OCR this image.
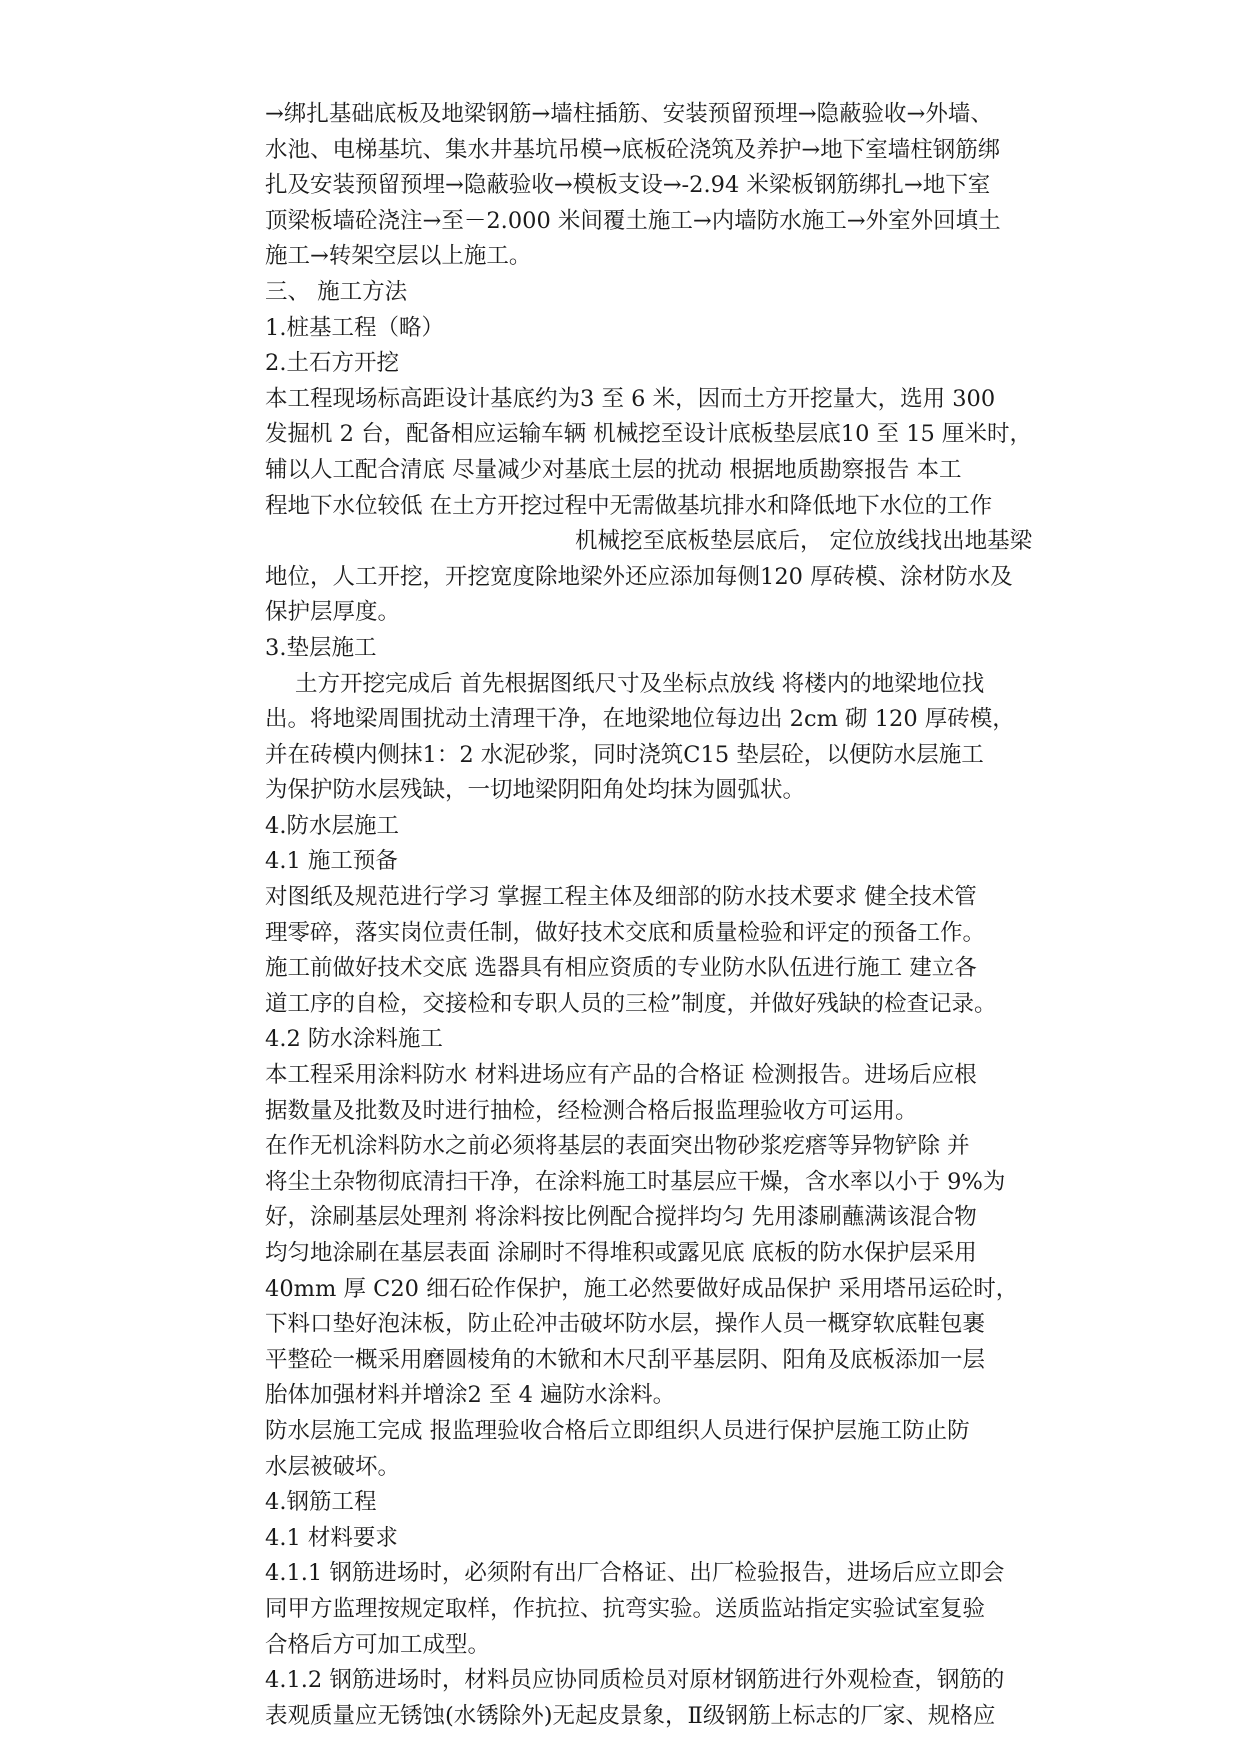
→绑扎基础底板及地梁钢筋→墙柱插筋、安装预留预埋→隐蔽验收→外墙、

水池、电梯基坑、集水井基坑吊模→底板砼浇筑及养护→地下室墙柱钢筋绑

扎及安装预留预埋→隐蔽验收→模板支设→-2.94 米梁板钢筋绑扎→地下室

顶梁板墙砼浇注→至－2.000 米间覆土施工→内墙防水施工→外室外回填土

施工→转架空层以上施工。

三、 施工方法

1.桩基工程（略）

2.土石方开挖

本工程现场标高距设计基底约为3 至 6 米，因而土方开挖量大，选用 300

发掘机 2 台，配备相应运输车辆 机械挖至设计底板垫层底10 至 15 厘米时，

辅以人工配合清底 尽量减少对基底土层的扰动 根据地质勘察报告 本工

程地下水位较低 在土方开挖过程中无需做基坑排水和降低地下水位的工作

机械挖至底板垫层底后， 定位放线找出地基梁

地位，人工开挖，开挖宽度除地梁外还应添加每侧120 厚砖模、涂材防水及

保护层厚度。

3.垫层施工

土方开挖完成后 首先根据图纸尺寸及坐标点放线 将楼内的地梁地位找

出。将地梁周围扰动土清理干净，在地梁地位每边出 2cm 砌 120 厚砖模，

并在砖模内侧抹1：2 水泥砂浆，同时浇筑C15 垫层砼，以便防水层施工

为保护防水层残缺，一切地梁阴阳角处均抹为圆弧状。

4.防水层施工

4.1 施工预备

对图纸及规范进行学习 掌握工程主体及细部的防水技术要求 健全技术管

理零碎，落实岗位责任制，做好技术交底和质量检验和评定的预备工作。

施工前做好技术交底 选器具有相应资质的专业防水队伍进行施工 建立各

道工序的自检，交接检和专职人员的三检”制度，并做好残缺的检查记录。

4.2 防水涂料施工

本工程采用涂料防水 材料进场应有产品的合格证 检测报告。进场后应根

据数量及批数及时进行抽检，经检测合格后报监理验收方可运用。

在作无机涂料防水之前必须将基层的表面突出物砂浆疙瘩等异物铲除 并

将尘土杂物彻底清扫干净，在涂料施工时基层应干燥，含水率以小于 9%为

好，涂刷基层处理剂 将涂料按比例配合搅拌均匀 先用漆刷蘸满该混合物

均匀地涂刷在基层表面 涂刷时不得堆积或露见底 底板的防水保护层采用

40mm 厚 C20 细石砼作保护，施工必然要做好成品保护 采用塔吊运砼时，

下料口垫好泡沫板，防止砼冲击破坏防水层，操作人员一概穿软底鞋包裹

平整砼一概采用磨圆棱角的木锨和木尺刮平基层阴、阳角及底板添加一层

胎体加强材料并增涂2 至 4 遍防水涂料。

防水层施工完成 报监理验收合格后立即组织人员进行保护层施工防止防

水层被破坏。

4.钢筋工程

4.1 材料要求

4.1.1 钢筋进场时，必须附有出厂合格证、出厂检验报告，进场后应立即会

同甲方监理按规定取样，作抗拉、抗弯实验。送质监站指定实验试室复验

合格后方可加工成型。

4.1.2 钢筋进场时，材料员应协同质检员对原材钢筋进行外观检查，钢筋的

表观质量应无锈蚀(水锈除外)无起皮景象，Ⅱ级钢筋上标志的厂家、规格应
